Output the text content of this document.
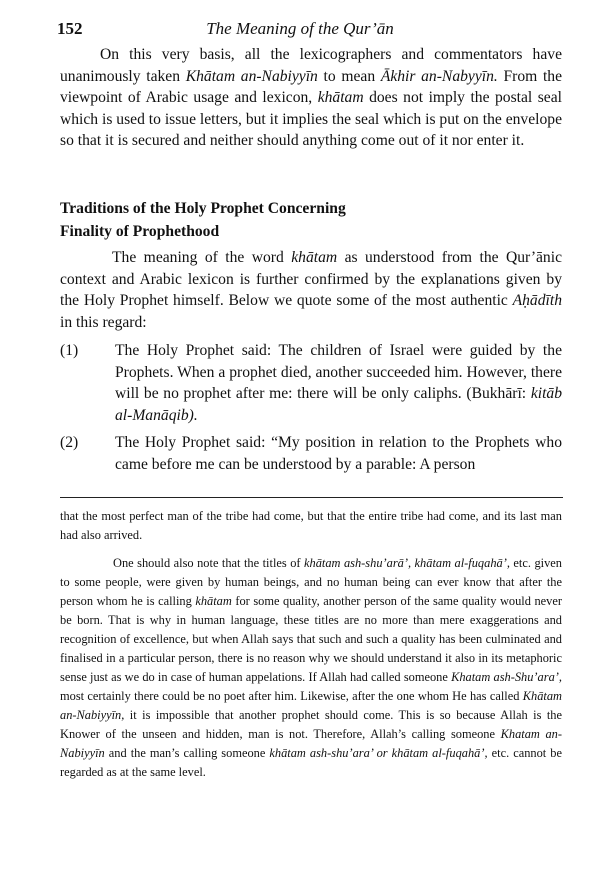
152	The Meaning of the Qur’ān

On this very basis, all the lexicographers and commentators have unanimously taken Khātam an-Nabiyyīn to mean Ākhir an-Nabyyīn. From the viewpoint of Arabic usage and lexicon, khātam does not imply the postal seal which is used to issue letters, but it implies the seal which is put on the envelope so that it is secured and neither should anything come out of it nor enter it.

Traditions of the Holy Prophet Concerning
Finality of Prophethood

The meaning of the word khātam as understood from the Qur’ānic context and Arabic lexicon is further confirmed by the explanations given by the Holy Prophet himself. Below we quote some of the most authentic Aḥādīth in this regard:

(1) The Holy Prophet said: The children of Israel were guided by the Prophets. When a prophet died, another succeeded him. However, there will be no prophet after me: there will be only caliphs. (Bukhārī: kitāb al-Manāqib).
(2) The Holy Prophet said: “My position in relation to the Prophets who came before me can be understood by a parable: A person

that the most perfect man of the tribe had come, but that the entire tribe had come, and its last man had also arrived.

One should also note that the titles of khātam ash-shu’arā’, khātam al-fuqahā’, etc. given to some people, were given by human beings, and no human being can ever know that after the person whom he is calling khātam for some quality, another person of the same quality would never be born. That is why in human language, these titles are no more than mere exaggerations and recognition of excellence, but when Allah says that such and such a quality has been culminated and finalised in a particular person, there is no reason why we should understand it also in its metaphoric sense just as we do in case of human appelations. If Allah had called someone Khatam ash-Shu’ara’, most certainly there could be no poet after him. Likewise, after the one whom He has called Khātam an-Nabiyyīn, it is impossible that another prophet should come. This is so because Allah is the Knower of the unseen and hidden, man is not. Therefore, Allah’s calling someone Khatam an-Nabiyyīn and the man’s calling someone khātam ash-shu’ara’ or khātam al-fuqahā’, etc. cannot be regarded as at the same level.
